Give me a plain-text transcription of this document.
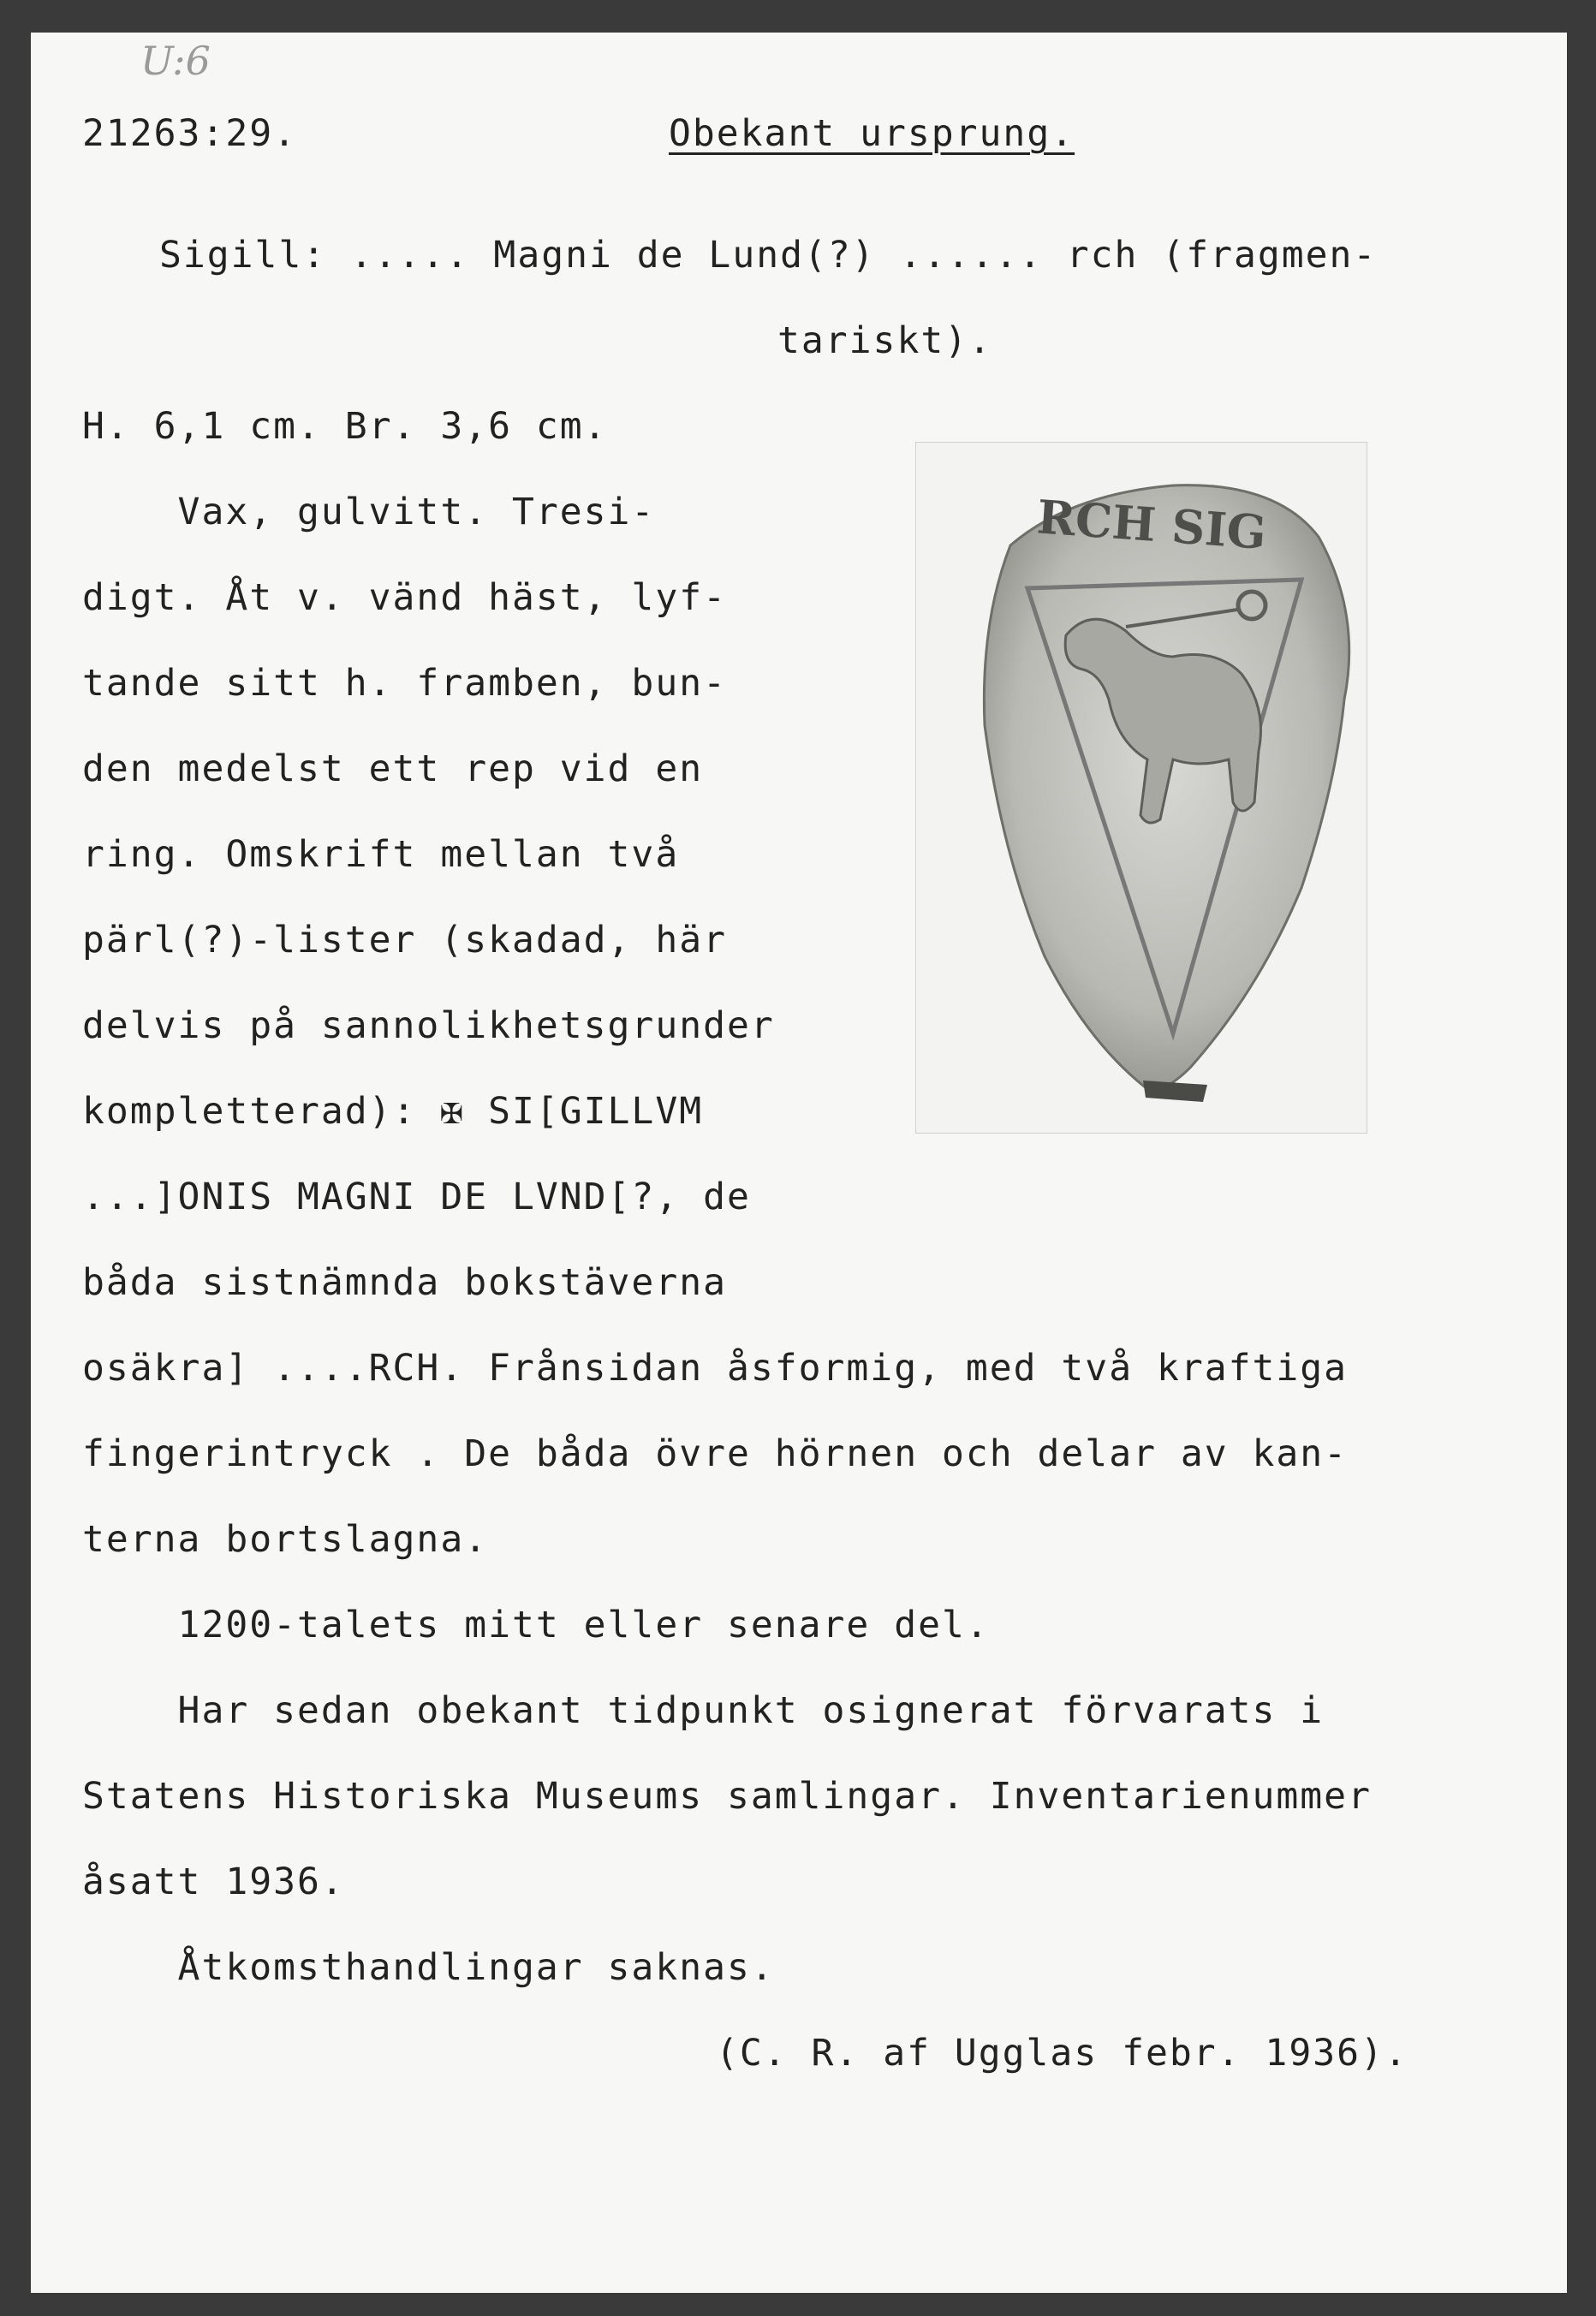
U:6
21263:29.	Obekant ursprung.
Sigill: ..... Magni de Lund(?) ...... rch (fragmen-
tariskt).
H. 6,1 cm. Br. 3,6 cm.
Vax, gulvitt. Tresi-
digt. Åt v. vänd häst, lyf-
tande sitt h. framben, bun-
den medelst ett rep vid en
ring. Omskrift mellan två
pärl(?)-lister (skadad, här
delvis på sannolikhetsgrunder
kompletterad): ✠ SI[GILLVM
...]ONIS MAGNI DE LVND[?, de
båda sistnämnda bokstäverna
osäkra] ....RCH. Frånsidan åsformig, med två kraftiga
fingerintryck . De båda övre hörnen och delar av kan-
terna bortslagna.
1200-talets mitt eller senare del.
Har sedan obekant tidpunkt osignerat förvarats i
Statens Historiska Museums samlingar. Inventarienummer
åsatt 1936.
Åtkomsthandlingar saknas.
(C. R. af Ugglas febr. 1936).
RCH SIG
